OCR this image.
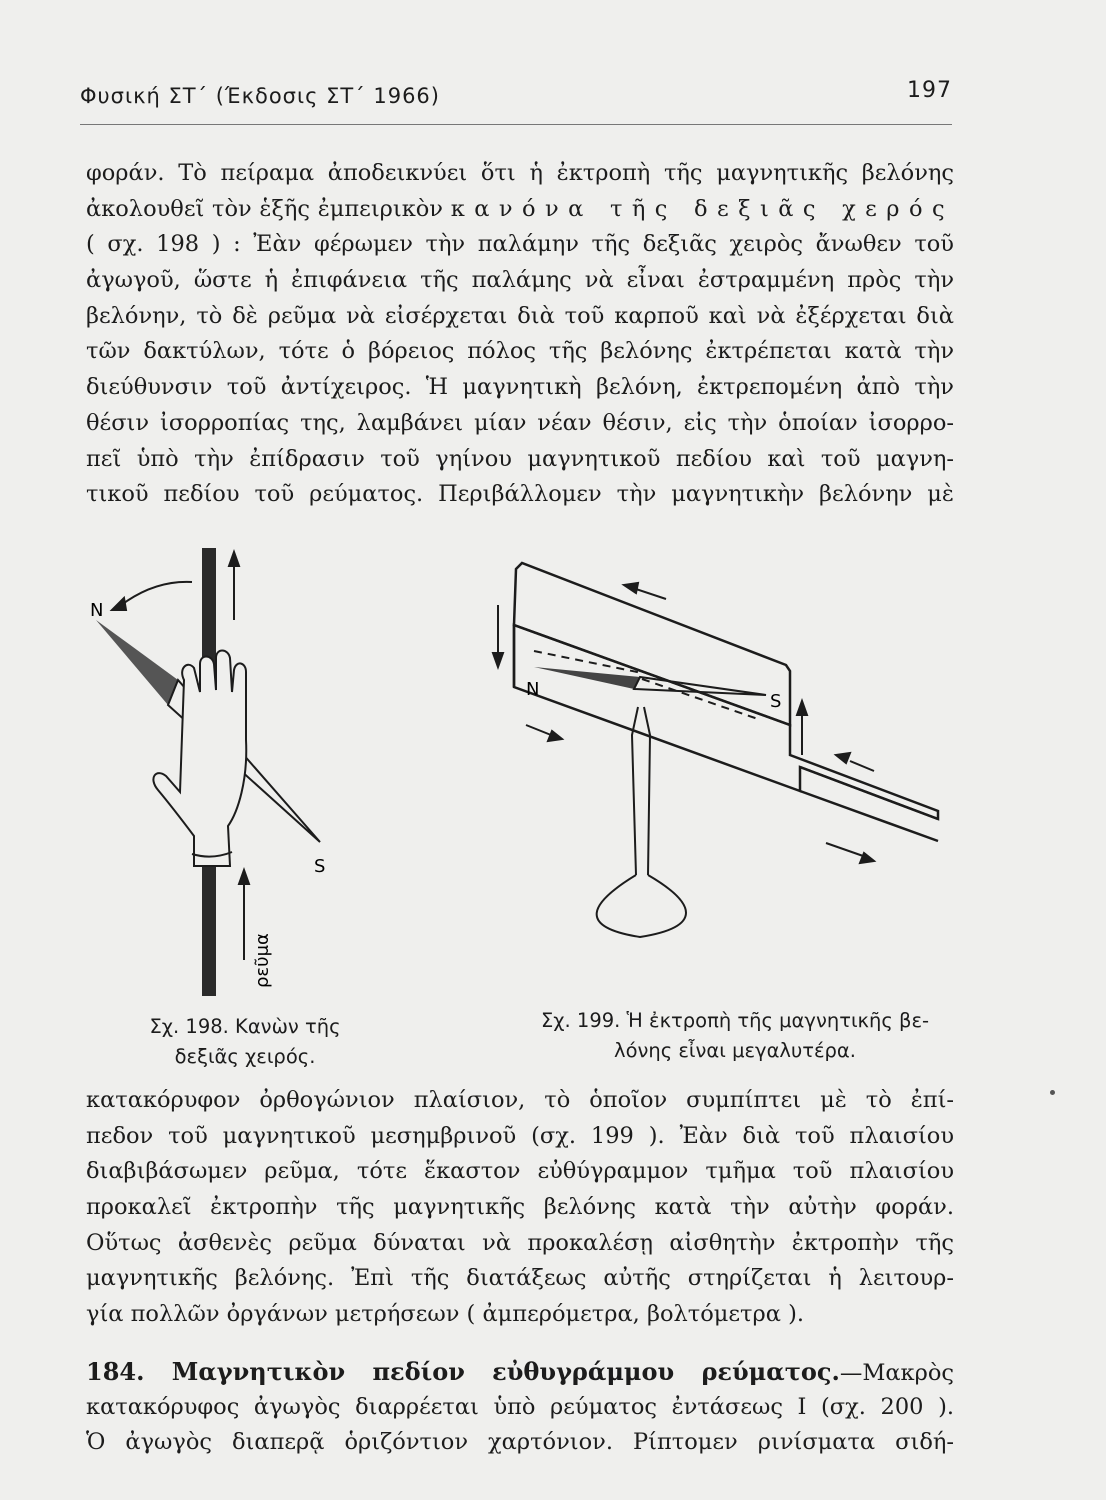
Φυσική ΣΤ΄ (Έκδοσις ΣΤ΄ 1966)	197
φοράν. Τὸ πείραμα ἀποδεικνύει ὅτι ἡ ἐκτροπὴ τῆς μαγνητικῆς βελόνης
ἀκολουθεῖ τὸν ἑξῆς ἐμπειρικὸν κανόνα τῆς δεξιᾶς χερός
( σχ. 198 ) : Ἐὰν φέρωμεν τὴν παλάμην τῆς δεξιᾶς χειρὸς ἄνωθεν τοῦ
ἀγωγοῦ, ὥστε ἡ ἐπιφάνεια τῆς παλάμης νὰ εἶναι ἐστραμμένη πρὸς τὴν
βελόνην, τὸ δὲ ρεῦμα νὰ εἰσέρχεται διὰ τοῦ καρποῦ καὶ νὰ ἐξέρχεται διὰ
τῶν δακτύλων, τότε ὁ βόρειος πόλος τῆς βελόνης ἐκτρέπεται κατὰ τὴν
διεύθυνσιν τοῦ ἀντίχειρος. Ἡ μαγνητικὴ βελόνη, ἐκτρεπομένη ἀπὸ τὴν
θέσιν ἰσορροπίας της, λαμβάνει μίαν νέαν θέσιν, εἰς τὴν ὁποίαν ἰσορρο-
πεῖ ὑπὸ τὴν ἐπίδρασιν τοῦ γηίνου μαγνητικοῦ πεδίου καὶ τοῦ μαγνη-
τικοῦ πεδίου τοῦ ρεύματος. Περιβάλλομεν τὴν μαγνητικὴν βελόνην μὲ
N
S
ρεῦμα
N
S
Σχ. 198. Κανὼν τῆς
δεξιᾶς χειρός.
Σχ. 199. Ἡ ἐκτροπὴ τῆς μαγνητικῆς βε-
λόνης εἶναι μεγαλυτέρα.
κατακόρυφον ὀρθογώνιον πλαίσιον, τὸ ὁποῖον συμπίπτει μὲ τὸ ἐπί-
πεδον τοῦ μαγνητικοῦ μεσημβρινοῦ (σχ. 199 ). Ἐὰν διὰ τοῦ πλαισίου
διαβιβάσωμεν ρεῦμα, τότε ἕκαστον εὐθύγραμμον τμῆμα τοῦ πλαισίου
προκαλεῖ ἐκτροπὴν τῆς μαγνητικῆς βελόνης κατὰ τὴν αὐτὴν φοράν.
Οὕτως ἀσθενὲς ρεῦμα δύναται νὰ προκαλέσῃ αἰσθητὴν ἐκτροπὴν τῆς
μαγνητικῆς βελόνης. Ἐπὶ τῆς διατάξεως αὐτῆς στηρίζεται ἡ λειτουρ-
γία πολλῶν ὀργάνων μετρήσεων ( ἀμπερόμετρα, βολτόμετρα ).
184. Μαγνητικὸν πεδίον εὐθυγράμμου ρεύματος.—Μακρὸς
κατακόρυφος ἀγωγὸς διαρρέεται ὑπὸ ρεύματος ἐντάσεως Ι (σχ. 200 ).
Ὁ ἀγωγὸς διαπερᾷ ὁριζόντιον χαρτόνιον. Ρίπτομεν ρινίσματα σιδή-
